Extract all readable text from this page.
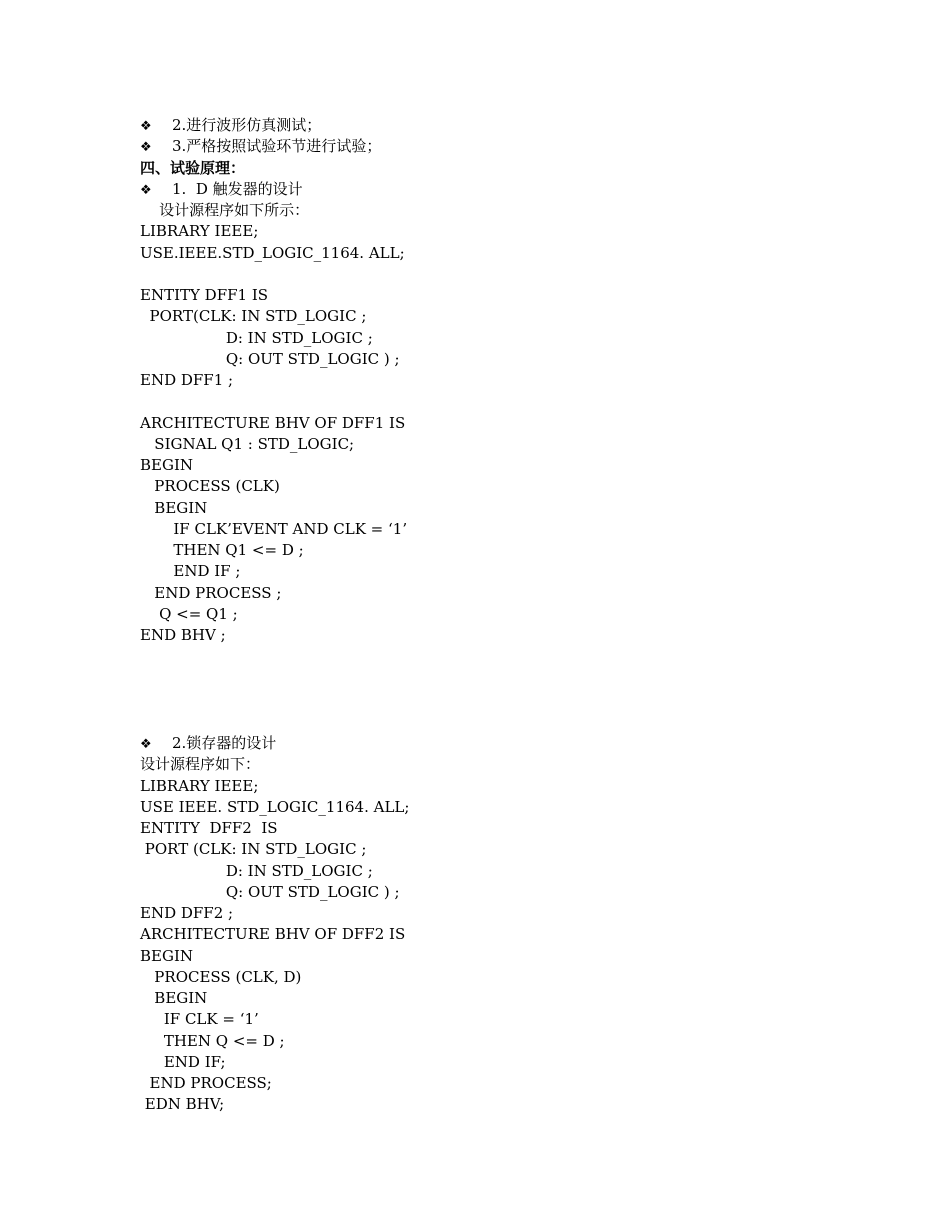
❖ 2.进行波形仿真测试；
❖ 3.严格按照试验环节进行试验；
四、试验原理：
❖ 1.  D 触发器的设计
设计源程序如下所示：
LIBRARY IEEE;
USE.IEEE.STD_LOGIC_1164. ALL;
ENTITY DFF1 IS
PORT(CLK: IN STD_LOGIC ;
D: IN STD_LOGIC ;
Q: OUT STD_LOGIC ) ;
END DFF1 ;
ARCHITECTURE BHV OF DFF1 IS
SIGNAL Q1 : STD_LOGIC;
BEGIN
PROCESS (CLK)
BEGIN
IF CLK’EVENT AND CLK = ‘1’
THEN Q1 <= D ;
END IF ;
END PROCESS ;
Q <= Q1 ;
END BHV ;
❖ 2.锁存器的设计
设计源程序如下：
LIBRARY IEEE;
USE IEEE. STD_LOGIC_1164. ALL;
ENTITY  DFF2  IS
PORT (CLK: IN STD_LOGIC ;
D: IN STD_LOGIC ;
Q: OUT STD_LOGIC ) ;
END DFF2 ;
ARCHITECTURE BHV OF DFF2 IS
BEGIN
PROCESS (CLK, D)
BEGIN
IF CLK = ‘1’
THEN Q <= D ;
END IF;
END PROCESS;
EDN BHV;
